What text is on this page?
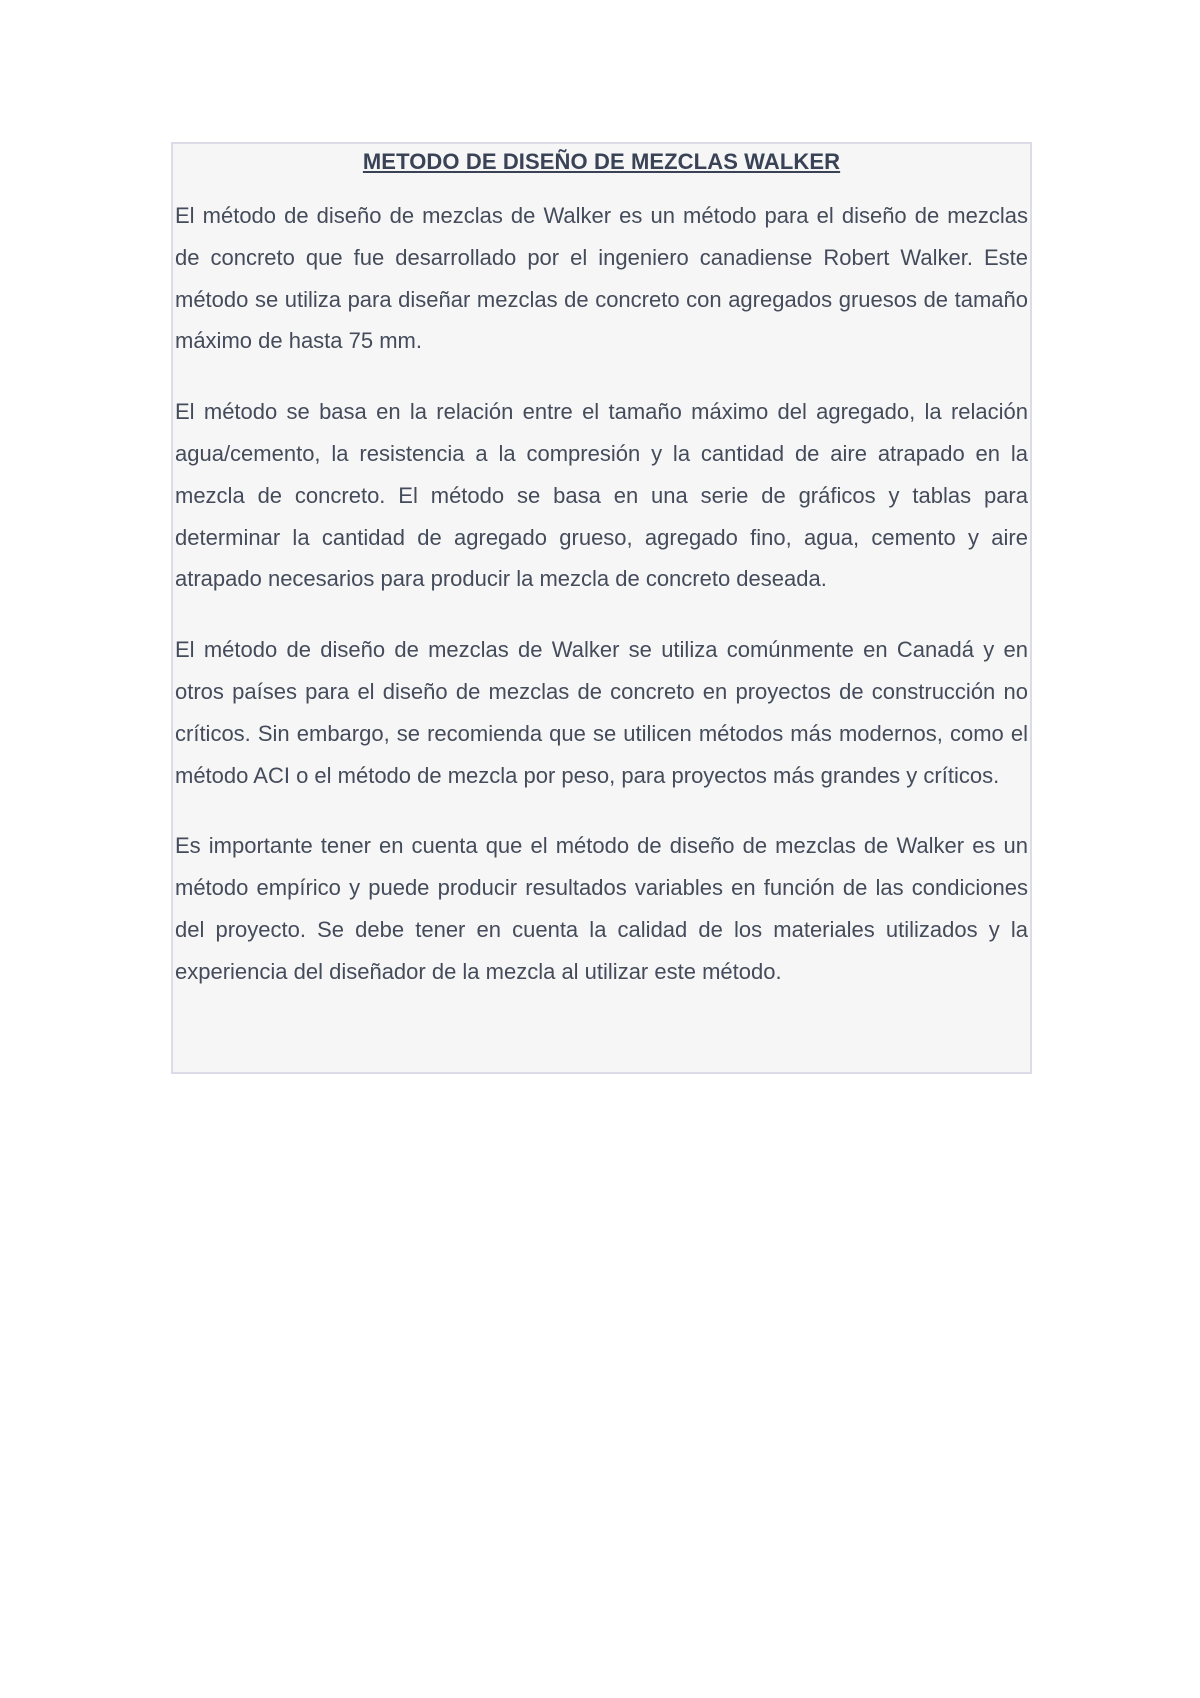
METODO DE DISEÑO DE MEZCLAS WALKER

El método de diseño de mezclas de Walker es un método para el diseño de mezclas de concreto que fue desarrollado por el ingeniero canadiense Robert Walker. Este método se utiliza para diseñar mezclas de concreto con agregados gruesos de tamaño máximo de hasta 75 mm.

El método se basa en la relación entre el tamaño máximo del agregado, la relación agua/cemento, la resistencia a la compresión y la cantidad de aire atrapado en la mezcla de concreto. El método se basa en una serie de gráficos y tablas para determinar la cantidad de agregado grueso, agregado fino, agua, cemento y aire atrapado necesarios para producir la mezcla de concreto deseada.

El método de diseño de mezclas de Walker se utiliza comúnmente en Canadá y en otros países para el diseño de mezclas de concreto en proyectos de construcción no críticos. Sin embargo, se recomienda que se utilicen métodos más modernos, como el método ACI o el método de mezcla por peso, para proyectos más grandes y críticos.

Es importante tener en cuenta que el método de diseño de mezclas de Walker es un método empírico y puede producir resultados variables en función de las condiciones del proyecto. Se debe tener en cuenta la calidad de los materiales utilizados y la experiencia del diseñador de la mezcla al utilizar este método.
